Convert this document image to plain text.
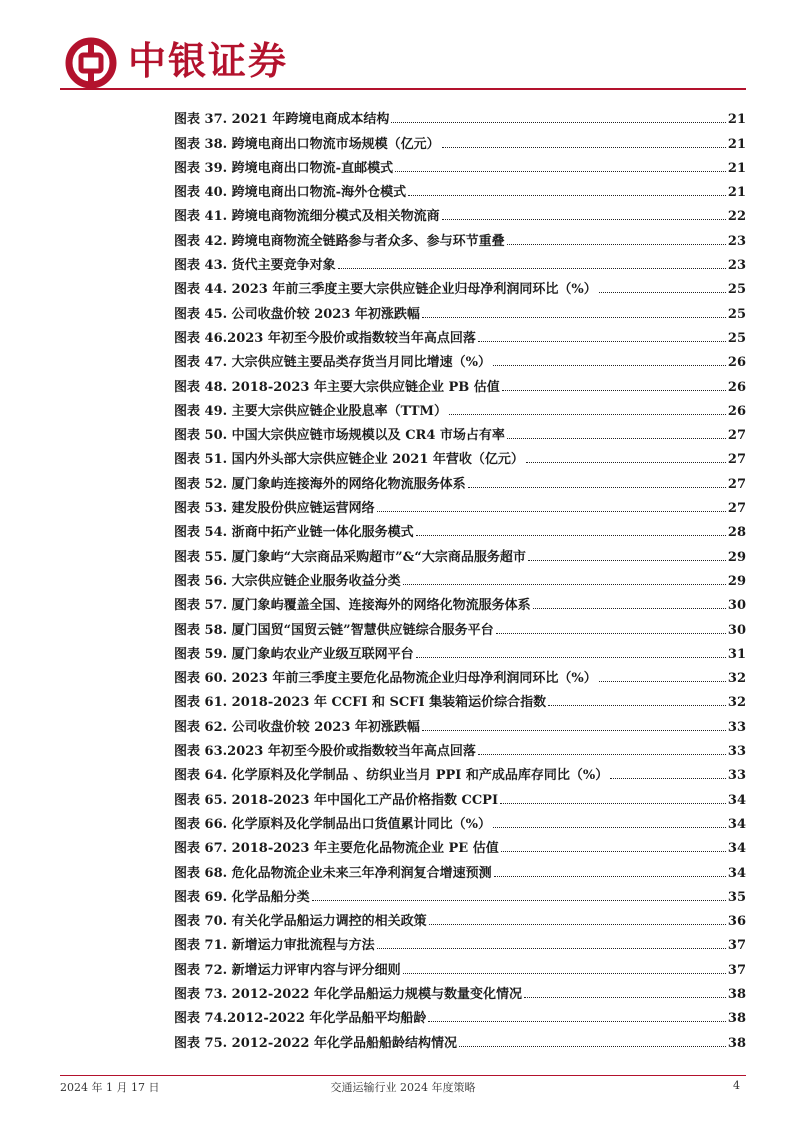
中银证券
图表 37. 2021 年跨境电商成本结构	21
图表 38. 跨境电商出口物流市场规模（亿元）	21
图表 39. 跨境电商出口物流-直邮模式	21
图表 40. 跨境电商出口物流-海外仓模式	21
图表 41. 跨境电商物流细分模式及相关物流商	22
图表 42. 跨境电商物流全链路参与者众多、参与环节重叠	23
图表 43. 货代主要竞争对象	23
图表 44. 2023 年前三季度主要大宗供应链企业归母净利润同环比（%）	25
图表 45. 公司收盘价较 2023 年初涨跌幅	25
图表 46.2023 年初至今股价或指数较当年高点回落	25
图表 47. 大宗供应链主要品类存货当月同比增速（%）	26
图表 48. 2018-2023 年主要大宗供应链企业 PB 估值	26
图表 49. 主要大宗供应链企业股息率（TTM）	26
图表 50. 中国大宗供应链市场规模以及 CR4 市场占有率	27
图表 51. 国内外头部大宗供应链企业 2021 年营收（亿元）	27
图表 52. 厦门象屿连接海外的网络化物流服务体系	27
图表 53. 建发股份供应链运营网络	27
图表 54. 浙商中拓产业链一体化服务模式	28
图表 55. 厦门象屿“大宗商品采购超市”&“大宗商品服务超市	29
图表 56. 大宗供应链企业服务收益分类	29
图表 57. 厦门象屿覆盖全国、连接海外的网络化物流服务体系	30
图表 58. 厦门国贸“国贸云链”智慧供应链综合服务平台	30
图表 59. 厦门象屿农业产业级互联网平台	31
图表 60. 2023 年前三季度主要危化品物流企业归母净利润同环比（%）	32
图表 61. 2018-2023 年 CCFI 和 SCFI 集装箱运价综合指数	32
图表 62. 公司收盘价较 2023 年初涨跌幅	33
图表 63.2023 年初至今股价或指数较当年高点回落	33
图表 64. 化学原料及化学制品 、纺织业当月 PPI 和产成品库存同比（%）	33
图表 65. 2018-2023 年中国化工产品价格指数 CCPI	34
图表 66. 化学原料及化学制品出口货值累计同比（%）	34
图表 67. 2018-2023 年主要危化品物流企业 PE 估值	34
图表 68. 危化品物流企业未来三年净利润复合增速预测	34
图表 69. 化学品船分类	35
图表 70. 有关化学品船运力调控的相关政策	36
图表 71. 新增运力审批流程与方法	37
图表 72. 新增运力评审内容与评分细则	37
图表 73. 2012-2022 年化学品船运力规模与数量变化情况	38
图表 74.2012-2022 年化学品船平均船龄	38
图表 75. 2012-2022 年化学品船船龄结构情况	38
2024 年 1 月 17 日	交通运输行业 2024 年度策略	4
